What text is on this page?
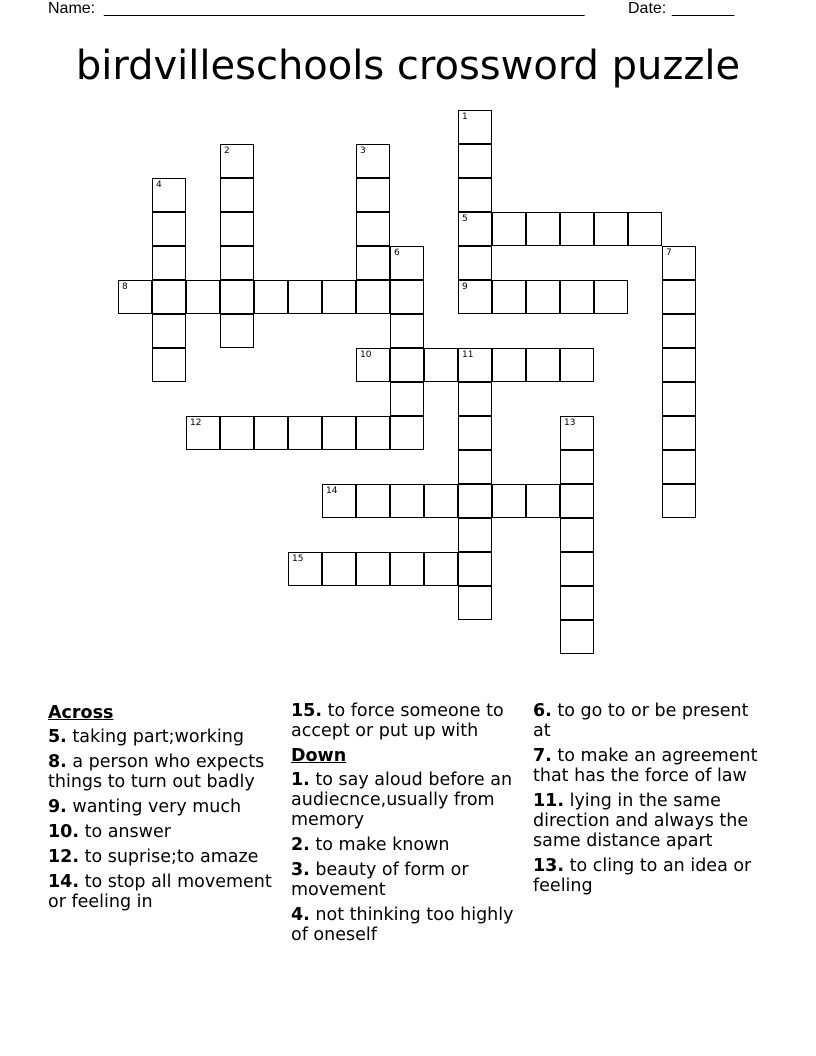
Name: ______________________________________________________	Date: _______
birdvilleschools crossword puzzle
1
5
9
2	3
4
6	7
8
10	11
12	13
14
15
Across
5. taking part;working
8. a person who expects things to turn out badly
9. wanting very much
10. to answer
12. to suprise;to amaze
14. to stop all movement or feeling in
15. to force someone to accept or put up with
Down
1. to say aloud before an audiecnce,usually from memory
2. to make known
3. beauty of form or movement
4. not thinking too highly of oneself
6. to go to or be present at
7. to make an agreement that has the force of law
11. lying in the same direction and always the same distance apart
13. to cling to an idea or feeling
